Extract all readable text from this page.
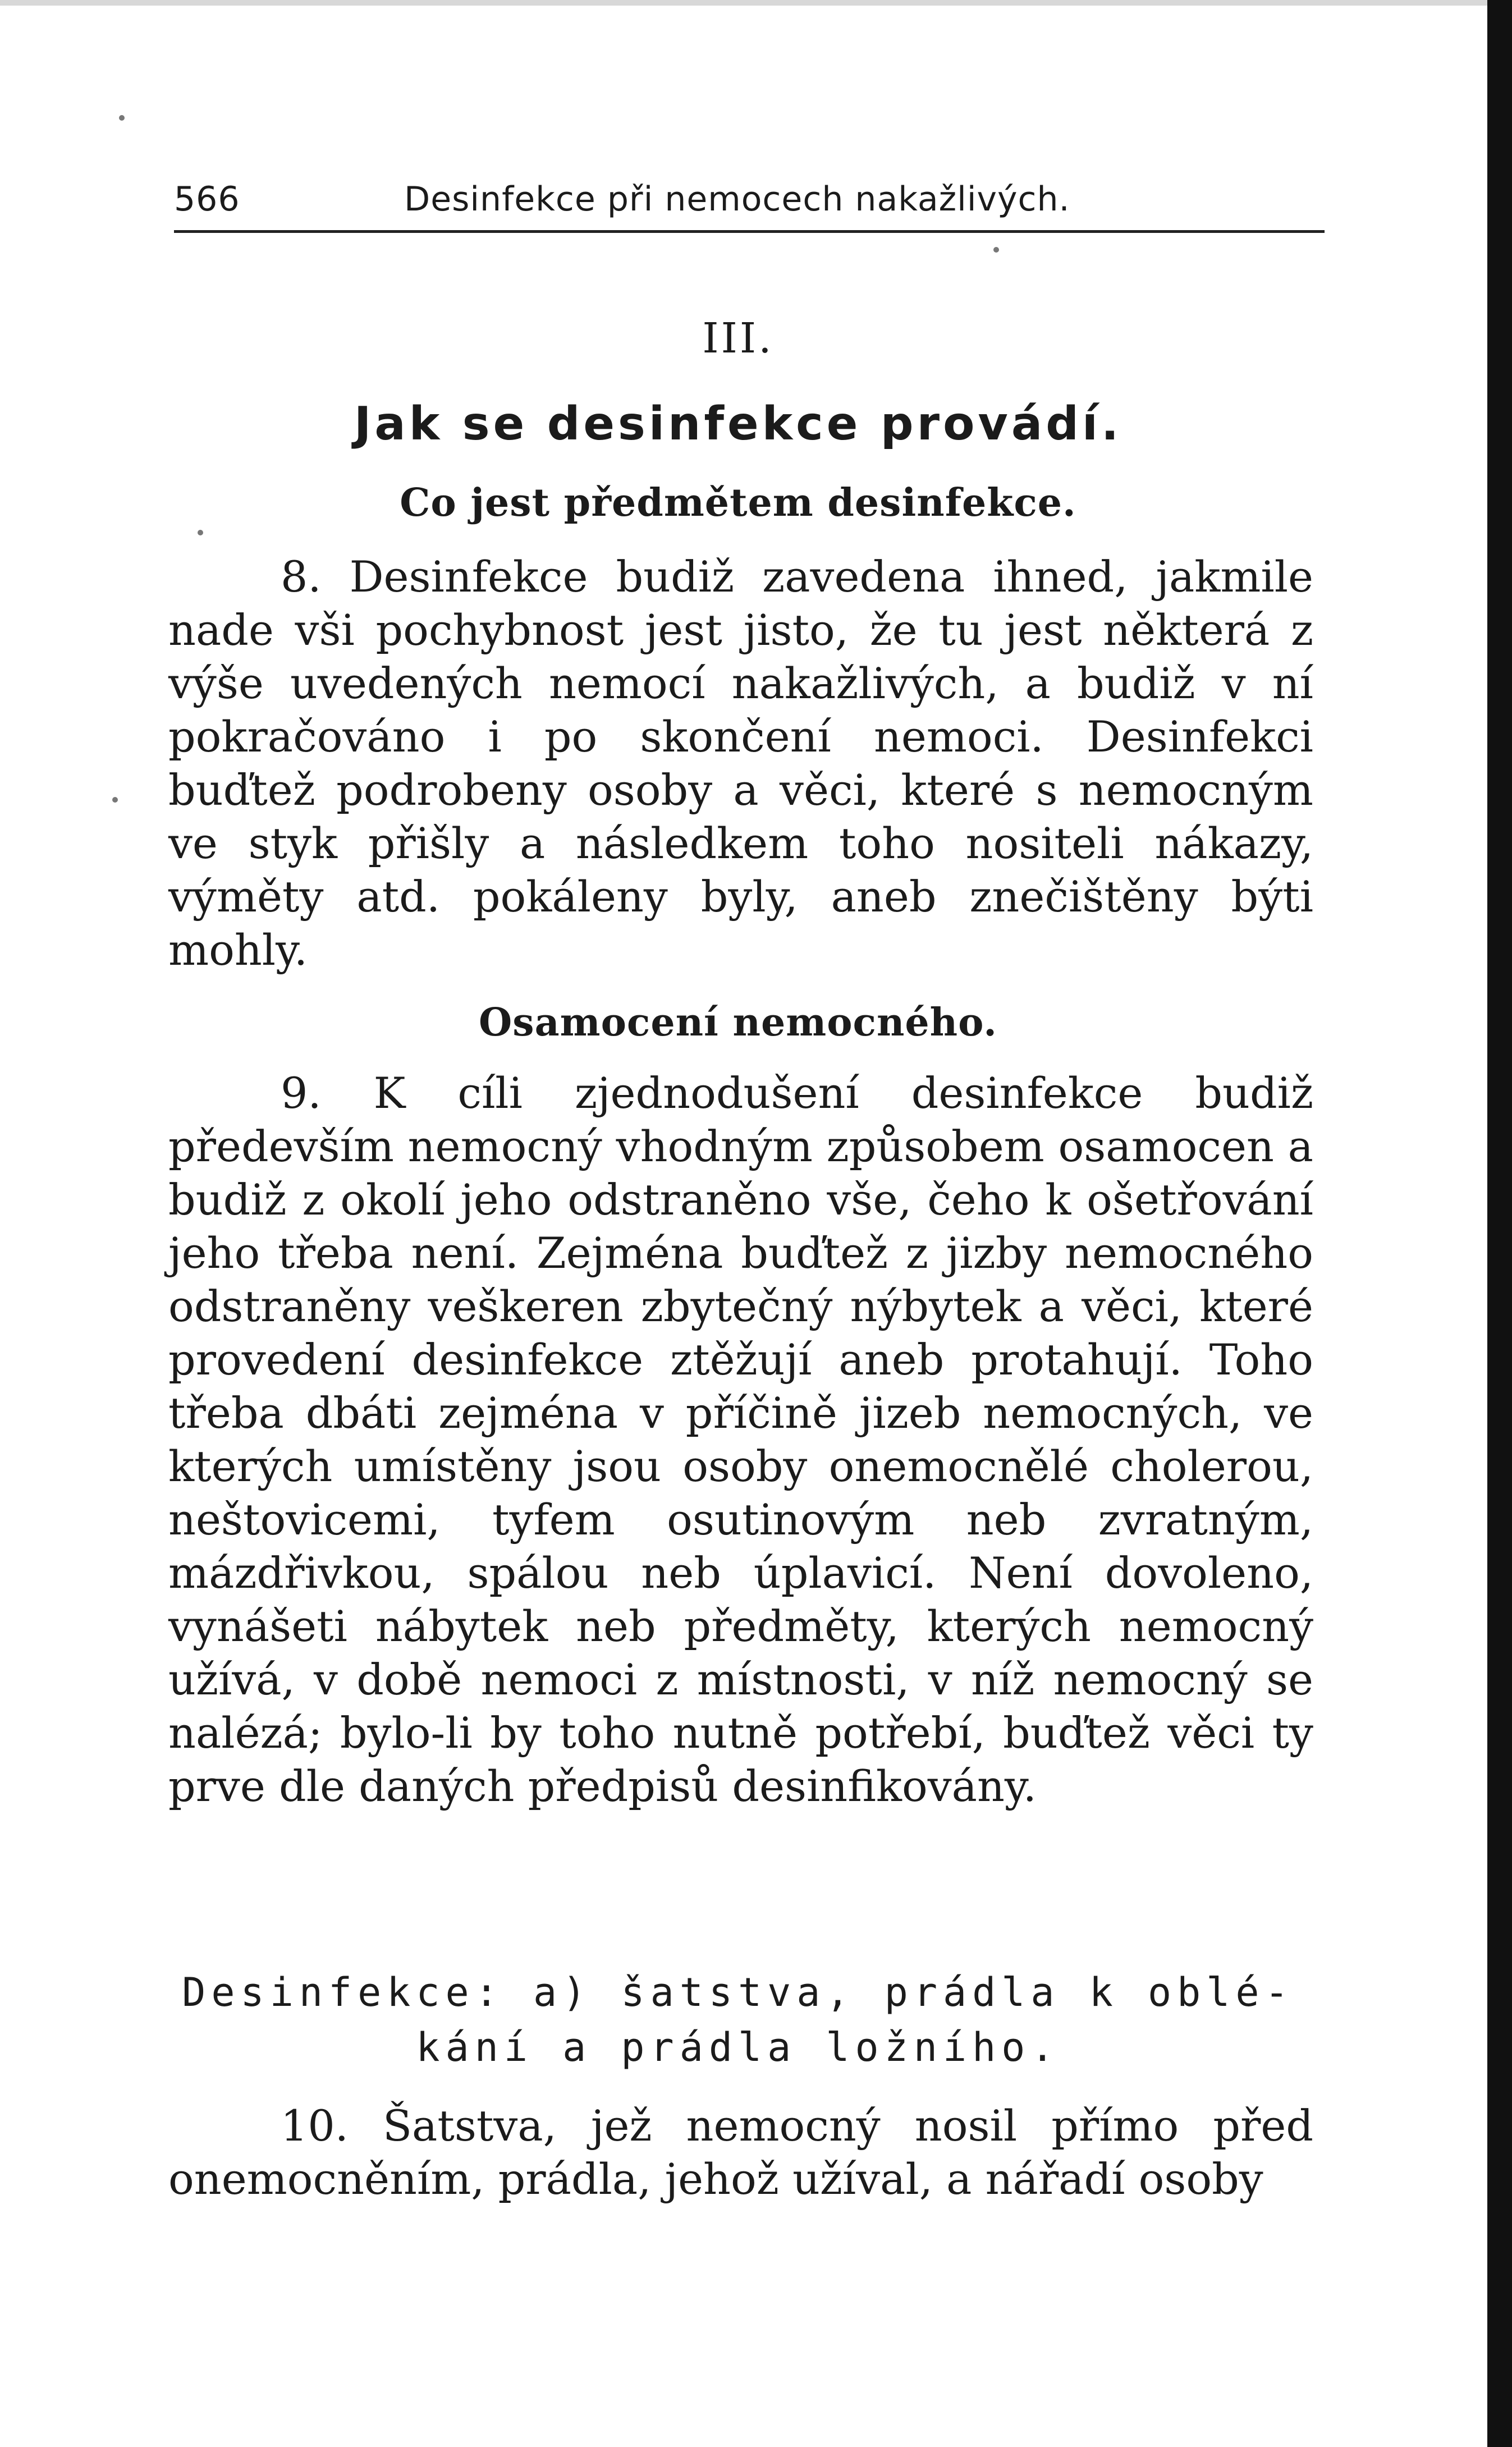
566	Desinfekce při nemocech nakažlivých.
III.
Jak se desinfekce provádí.
Co jest předmětem desinfekce.
8. Desinfekce budiž zavedena ihned, jakmile nade vši pochybnost jest jisto, že tu jest některá z výše uvedených nemocí nakažlivých, a budiž v ní pokračováno i po skončení nemoci. Desinfekci buďtež podrobeny osoby a věci, které s nemocným ve styk přišly a následkem toho nositeli nákazy, výměty atd. pokáleny byly, aneb znečištěny býti mohly.
Osamocení nemocného.
9. K cíli zjednodušení desinfekce budiž především nemocný vhodným způsobem osamocen a budiž z okolí jeho odstraněno vše, čeho k ošetřování jeho třeba není. Zejména buďtež z jizby nemocného odstraněny veškeren zbytečný nýbytek a věci, které provedení desinfekce ztěžují aneb protahují. Toho třeba dbáti zejména v příčině jizeb nemocných, ve kterých umístěny jsou osoby onemocnělé cholerou, neštovicemi, tyfem osutinovým neb zvratným, mázdřivkou, spálou neb úplavicí. Není dovoleno, vynášeti nábytek neb předměty, kterých nemocný užívá, v době nemoci z místnosti, v níž nemocný se nalézá; bylo-li by toho nutně potřebí, buďtež věci ty prve dle daných předpisů desinfikovány.
Desinfekce: a) šatstva, prádla k oblé-
kání a prádla ložního.
10. Šatstva, jež nemocný nosil přímo před onemocněním, prádla, jehož užíval, a nářadí osoby
